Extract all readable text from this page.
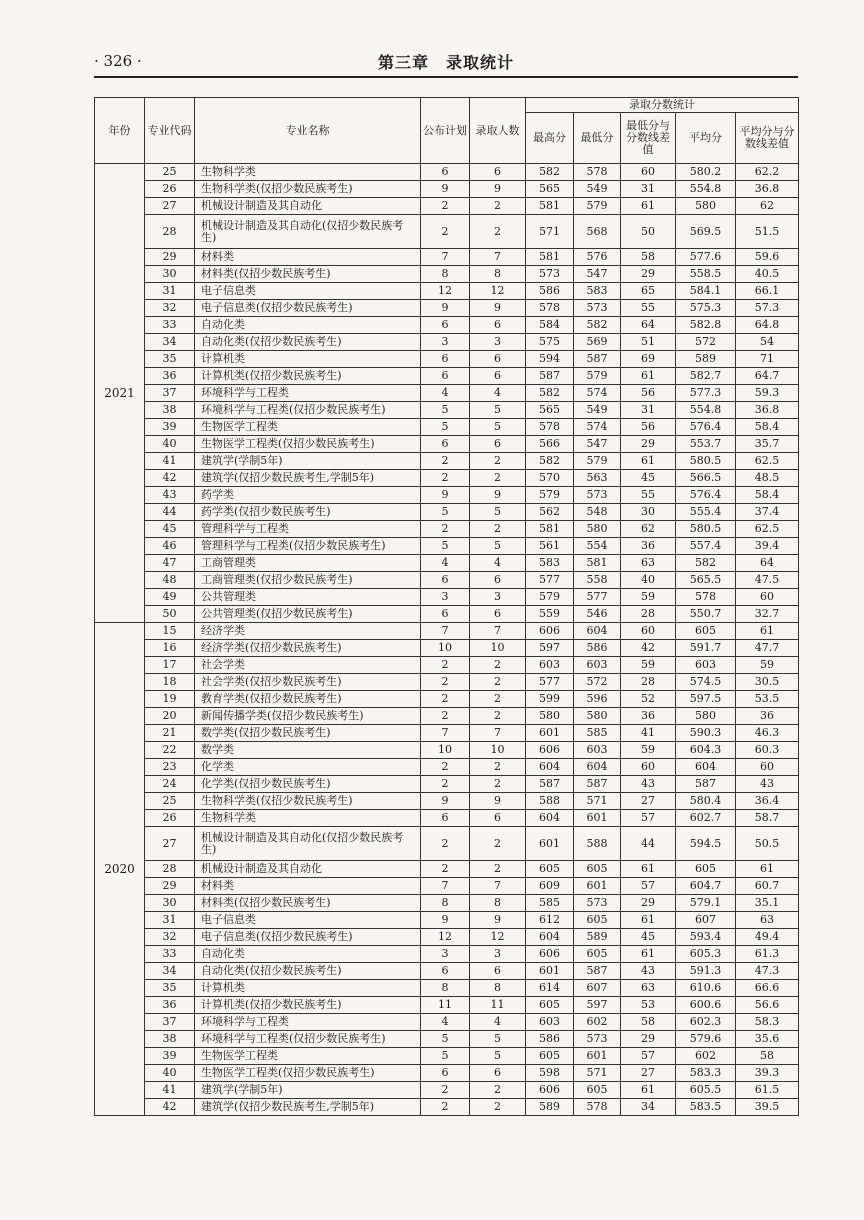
· 326 ·	第三章　录取统计
年份	专业代码	专业名称	公布计划	录取人数	录取分数统计				
					最高分	最低分	最低分与分数线差值	平均分	平均分与分数线差值
2021	25	生物科学类	6	6	582	578	60	580.2	62.2
	26	生物科学类(仅招少数民族考生)	9	9	565	549	31	554.8	36.8
	27	机械设计制造及其自动化	2	2	581	579	61	580	62
	28	机械设计制造及其自动化(仅招少数民族考生)	2	2	571	568	50	569.5	51.5
	29	材料类	7	7	581	576	58	577.6	59.6
	30	材料类(仅招少数民族考生)	8	8	573	547	29	558.5	40.5
	31	电子信息类	12	12	586	583	65	584.1	66.1
	32	电子信息类(仅招少数民族考生)	9	9	578	573	55	575.3	57.3
	33	自动化类	6	6	584	582	64	582.8	64.8
	34	自动化类(仅招少数民族考生)	3	3	575	569	51	572	54
	35	计算机类	6	6	594	587	69	589	71
	36	计算机类(仅招少数民族考生)	6	6	587	579	61	582.7	64.7
	37	环境科学与工程类	4	4	582	574	56	577.3	59.3
	38	环境科学与工程类(仅招少数民族考生)	5	5	565	549	31	554.8	36.8
	39	生物医学工程类	5	5	578	574	56	576.4	58.4
	40	生物医学工程类(仅招少数民族考生)	6	6	566	547	29	553.7	35.7
	41	建筑学(学制5年)	2	2	582	579	61	580.5	62.5
	42	建筑学(仅招少数民族考生,学制5年)	2	2	570	563	45	566.5	48.5
	43	药学类	9	9	579	573	55	576.4	58.4
	44	药学类(仅招少数民族考生)	5	5	562	548	30	555.4	37.4
	45	管理科学与工程类	2	2	581	580	62	580.5	62.5
	46	管理科学与工程类(仅招少数民族考生)	5	5	561	554	36	557.4	39.4
	47	工商管理类	4	4	583	581	63	582	64
	48	工商管理类(仅招少数民族考生)	6	6	577	558	40	565.5	47.5
	49	公共管理类	3	3	579	577	59	578	60
	50	公共管理类(仅招少数民族考生)	6	6	559	546	28	550.7	32.7
2020	15	经济学类	7	7	606	604	60	605	61
	16	经济学类(仅招少数民族考生)	10	10	597	586	42	591.7	47.7
	17	社会学类	2	2	603	603	59	603	59
	18	社会学类(仅招少数民族考生)	2	2	577	572	28	574.5	30.5
	19	教育学类(仅招少数民族考生)	2	2	599	596	52	597.5	53.5
	20	新闻传播学类(仅招少数民族考生)	2	2	580	580	36	580	36
	21	数学类(仅招少数民族考生)	7	7	601	585	41	590.3	46.3
	22	数学类	10	10	606	603	59	604.3	60.3
	23	化学类	2	2	604	604	60	604	60
	24	化学类(仅招少数民族考生)	2	2	587	587	43	587	43
	25	生物科学类(仅招少数民族考生)	9	9	588	571	27	580.4	36.4
	26	生物科学类	6	6	604	601	57	602.7	58.7
	27	机械设计制造及其自动化(仅招少数民族考生)	2	2	601	588	44	594.5	50.5
	28	机械设计制造及其自动化	2	2	605	605	61	605	61
	29	材料类	7	7	609	601	57	604.7	60.7
	30	材料类(仅招少数民族考生)	8	8	585	573	29	579.1	35.1
	31	电子信息类	9	9	612	605	61	607	63
	32	电子信息类(仅招少数民族考生)	12	12	604	589	45	593.4	49.4
	33	自动化类	3	3	606	605	61	605.3	61.3
	34	自动化类(仅招少数民族考生)	6	6	601	587	43	591.3	47.3
	35	计算机类	8	8	614	607	63	610.6	66.6
	36	计算机类(仅招少数民族考生)	11	11	605	597	53	600.6	56.6
	37	环境科学与工程类	4	4	603	602	58	602.3	58.3
	38	环境科学与工程类(仅招少数民族考生)	5	5	586	573	29	579.6	35.6
	39	生物医学工程类	5	5	605	601	57	602	58
	40	生物医学工程类(仅招少数民族考生)	6	6	598	571	27	583.3	39.3
	41	建筑学(学制5年)	2	2	606	605	61	605.5	61.5
	42	建筑学(仅招少数民族考生,学制5年)	2	2	589	578	34	583.5	39.5
